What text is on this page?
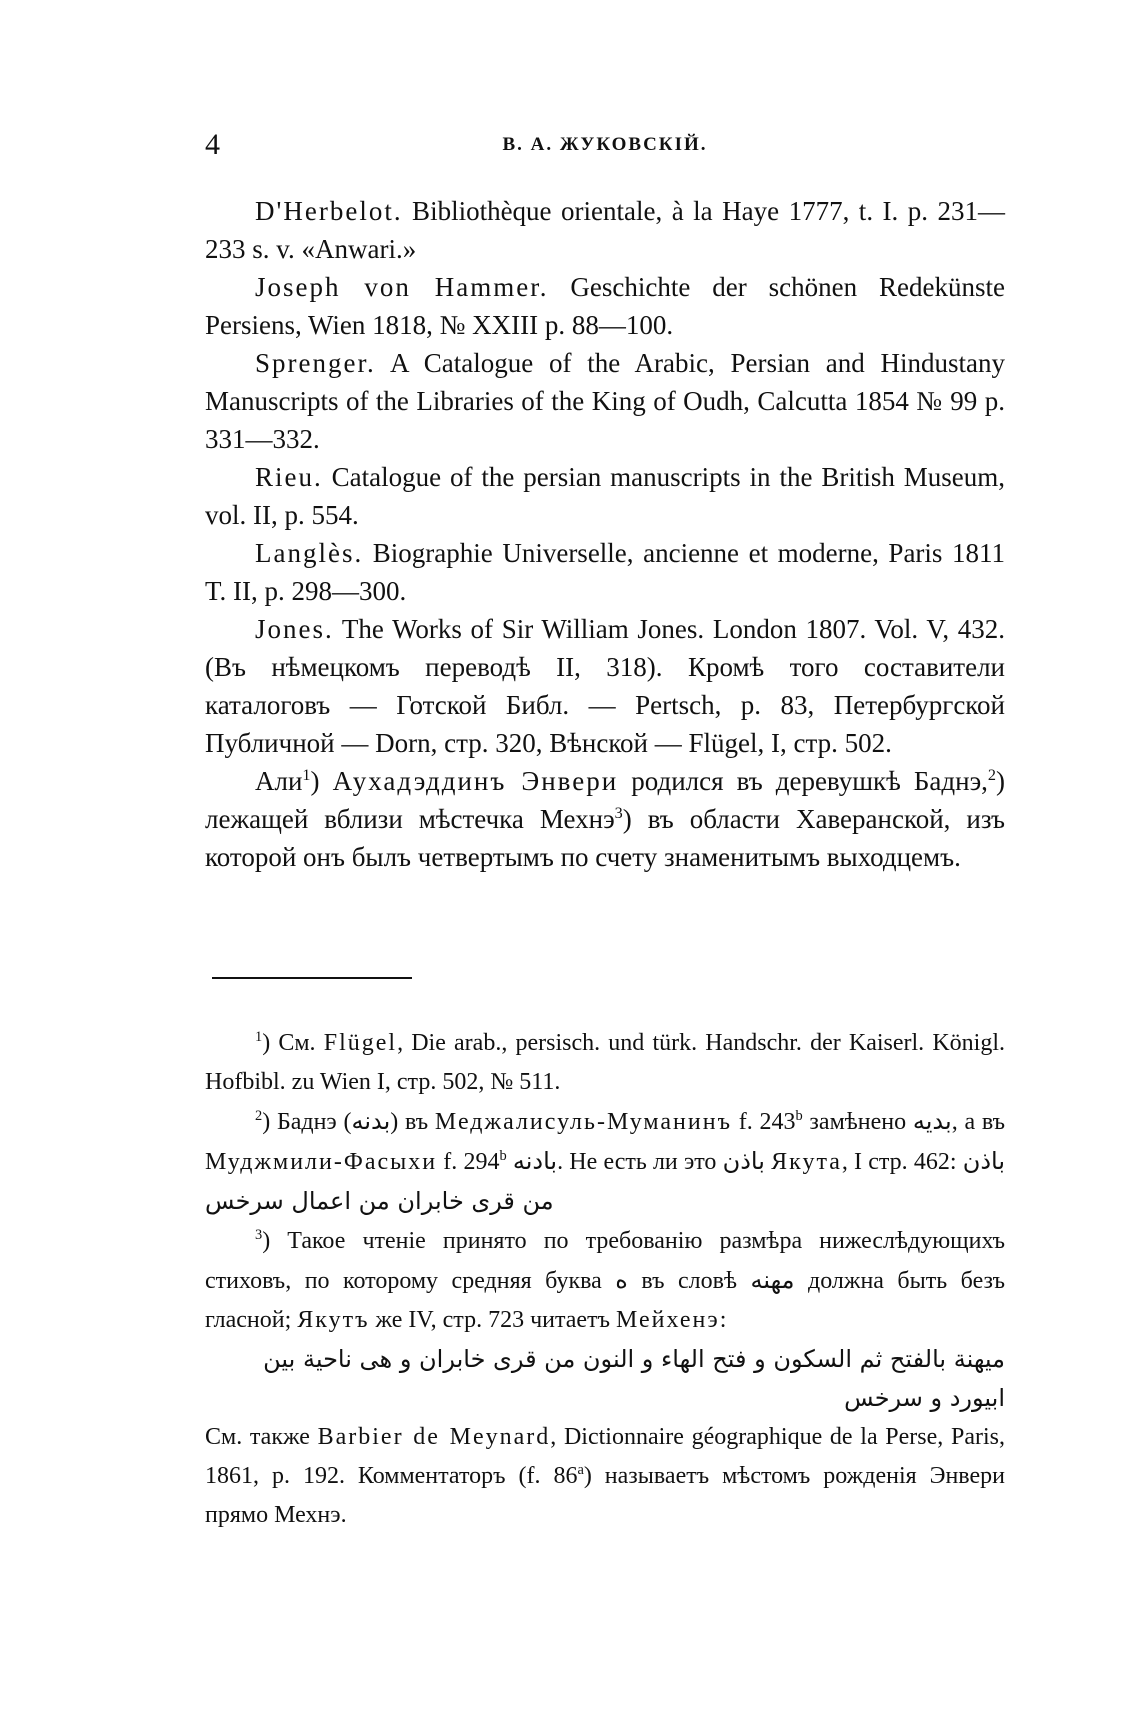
4	В. А. ЖУКОВСКІЙ.

D'Herbelot. Bibliothèque orientale, à la Haye 1777, t. I. p. 231—233 s. v. «Anwari.»

Joseph von Hammer. Geschichte der schönen Redekünste Persiens, Wien 1818, № XXIII p. 88—100.

Sprenger. A Catalogue of the Arabic, Persian and Hindustany Manuscripts of the Libraries of the King of Oudh, Calcutta 1854 № 99 p. 331—332.

Rieu. Catalogue of the persian manuscripts in the British Museum, vol. II, p. 554.

Langlès. Biographie Universelle, ancienne et moderne, Paris 1811 T. II, p. 298—300.

Jones. The Works of Sir William Jones. London 1807. Vol. V, 432. (Въ нѣмецкомъ переводѣ II, 318). Кромѣ того составители каталоговъ — Готской Библ. — Pertsch, p. 83, Петербургской Публичной — Dorn, стр. 320, Вѣнской — Flügel, I, стр. 502.

Али$^1$) Аухадэддинъ Энвери родился въ деревушкѣ Баднэ,$^2$) лежащей вблизи мѣстечка Мехнэ$^3$) въ области Хаверанской, изъ которой онъ былъ четвертымъ по счету знаменитымъ выходцемъ.

$^1$) См. Flügel, Die arab., persisch. und türk. Handschr. der Kaiserl. Königl. Hofbibl. zu Wien I, стр. 502, № 511.

$^2$) Баднэ (بدنه) въ Меджалисуль-Муманинъ f. 243$^b$ замѣнено بديه, а въ Муджмили-Фасыхи f. 294$^b$ بادنه. Не есть ли это باذن Якута, I стр. 462: باذن من قرى خابران من اعمال سرخس

$^3$) Такое чтеніе принято по требованію размѣра нижеслѣдующихъ стиховъ, по которому средняя буква ه въ словѣ مهنه должна быть безъ гласной; Якутъ же IV, стр. 723 читаетъ Мейхенэ:
ميهنة بالفتح ثم السكون و فتح الهاء و النون من قرى خابران و هى ناحية بين ابيورد و سرخس
См. также Barbier de Meynard, Dictionnaire géographique de la Perse, Paris, 1861, p. 192. Комментаторъ (f. 86$^a$) называетъ мѣстомъ рожденія Энвери прямо Мехнэ.
